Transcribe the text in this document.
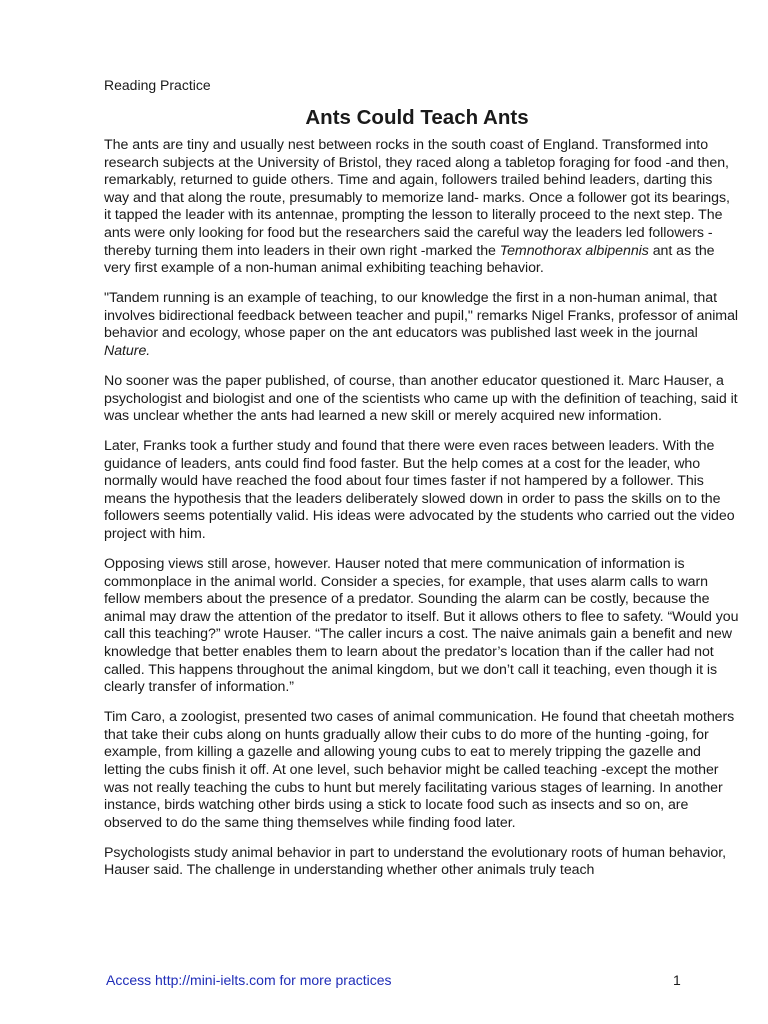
Reading Practice
Ants Could Teach Ants

The ants are tiny and usually nest between rocks in the south coast of England. Transformed into research subjects at the University of Bristol, they raced along a tabletop foraging for food -and then, remarkably, returned to guide others. Time and again, followers trailed behind leaders, darting this way and that along the route, presumably to memorize land- marks. Once a follower got its bearings, it tapped the leader with its antennae, prompting the lesson to literally proceed to the next step. The ants were only looking for food but the researchers said the careful way the leaders led followers -thereby turning them into leaders in their own right -marked the Temnothorax albipennis ant as the very first example of a non-human animal exhibiting teaching behavior.

"Tandem running is an example of teaching, to our knowledge the first in a non-human animal, that involves bidirectional feedback between teacher and pupil," remarks Nigel Franks, professor of animal behavior and ecology, whose paper on the ant educators was published last week in the journal Nature.

No sooner was the paper published, of course, than another educator questioned it. Marc Hauser, a psychologist and biologist and one of the scientists who came up with the definition of teaching, said it was unclear whether the ants had learned a new skill or merely acquired new information.

Later, Franks took a further study and found that there were even races between leaders. With the guidance of leaders, ants could find food faster. But the help comes at a cost for the leader, who normally would have reached the food about four times faster if not hampered by a follower. This means the hypothesis that the leaders deliberately slowed down in order to pass the skills on to the followers seems potentially valid. His ideas were advocated by the students who carried out the video project with him.

Opposing views still arose, however. Hauser noted that mere communication of information is commonplace in the animal world. Consider a species, for example, that uses alarm calls to warn fellow members about the presence of a predator. Sounding the alarm can be costly, because the animal may draw the attention of the predator to itself. But it allows others to flee to safety. “Would you call this teaching?” wrote Hauser. “The caller incurs a cost. The naive animals gain a benefit and new knowledge that better enables them to learn about the predator’s location than if the caller had not called. This happens throughout the animal kingdom, but we don’t call it teaching, even though it is clearly transfer of information.”

Tim Caro, a zoologist, presented two cases of animal communication. He found that cheetah mothers that take their cubs along on hunts gradually allow their cubs to do more of the hunting -going, for example, from killing a gazelle and allowing young cubs to eat to merely tripping the gazelle and letting the cubs finish it off. At one level, such behavior might be called teaching -except the mother was not really teaching the cubs to hunt but merely facilitating various stages of learning. In another instance, birds watching other birds using a stick to locate food such as insects and so on, are observed to do the same thing themselves while finding food later.

Psychologists study animal behavior in part to understand the evolutionary roots of human behavior, Hauser said. The challenge in understanding whether other animals truly teach

Access http://mini-ielts.com for more practices	1
